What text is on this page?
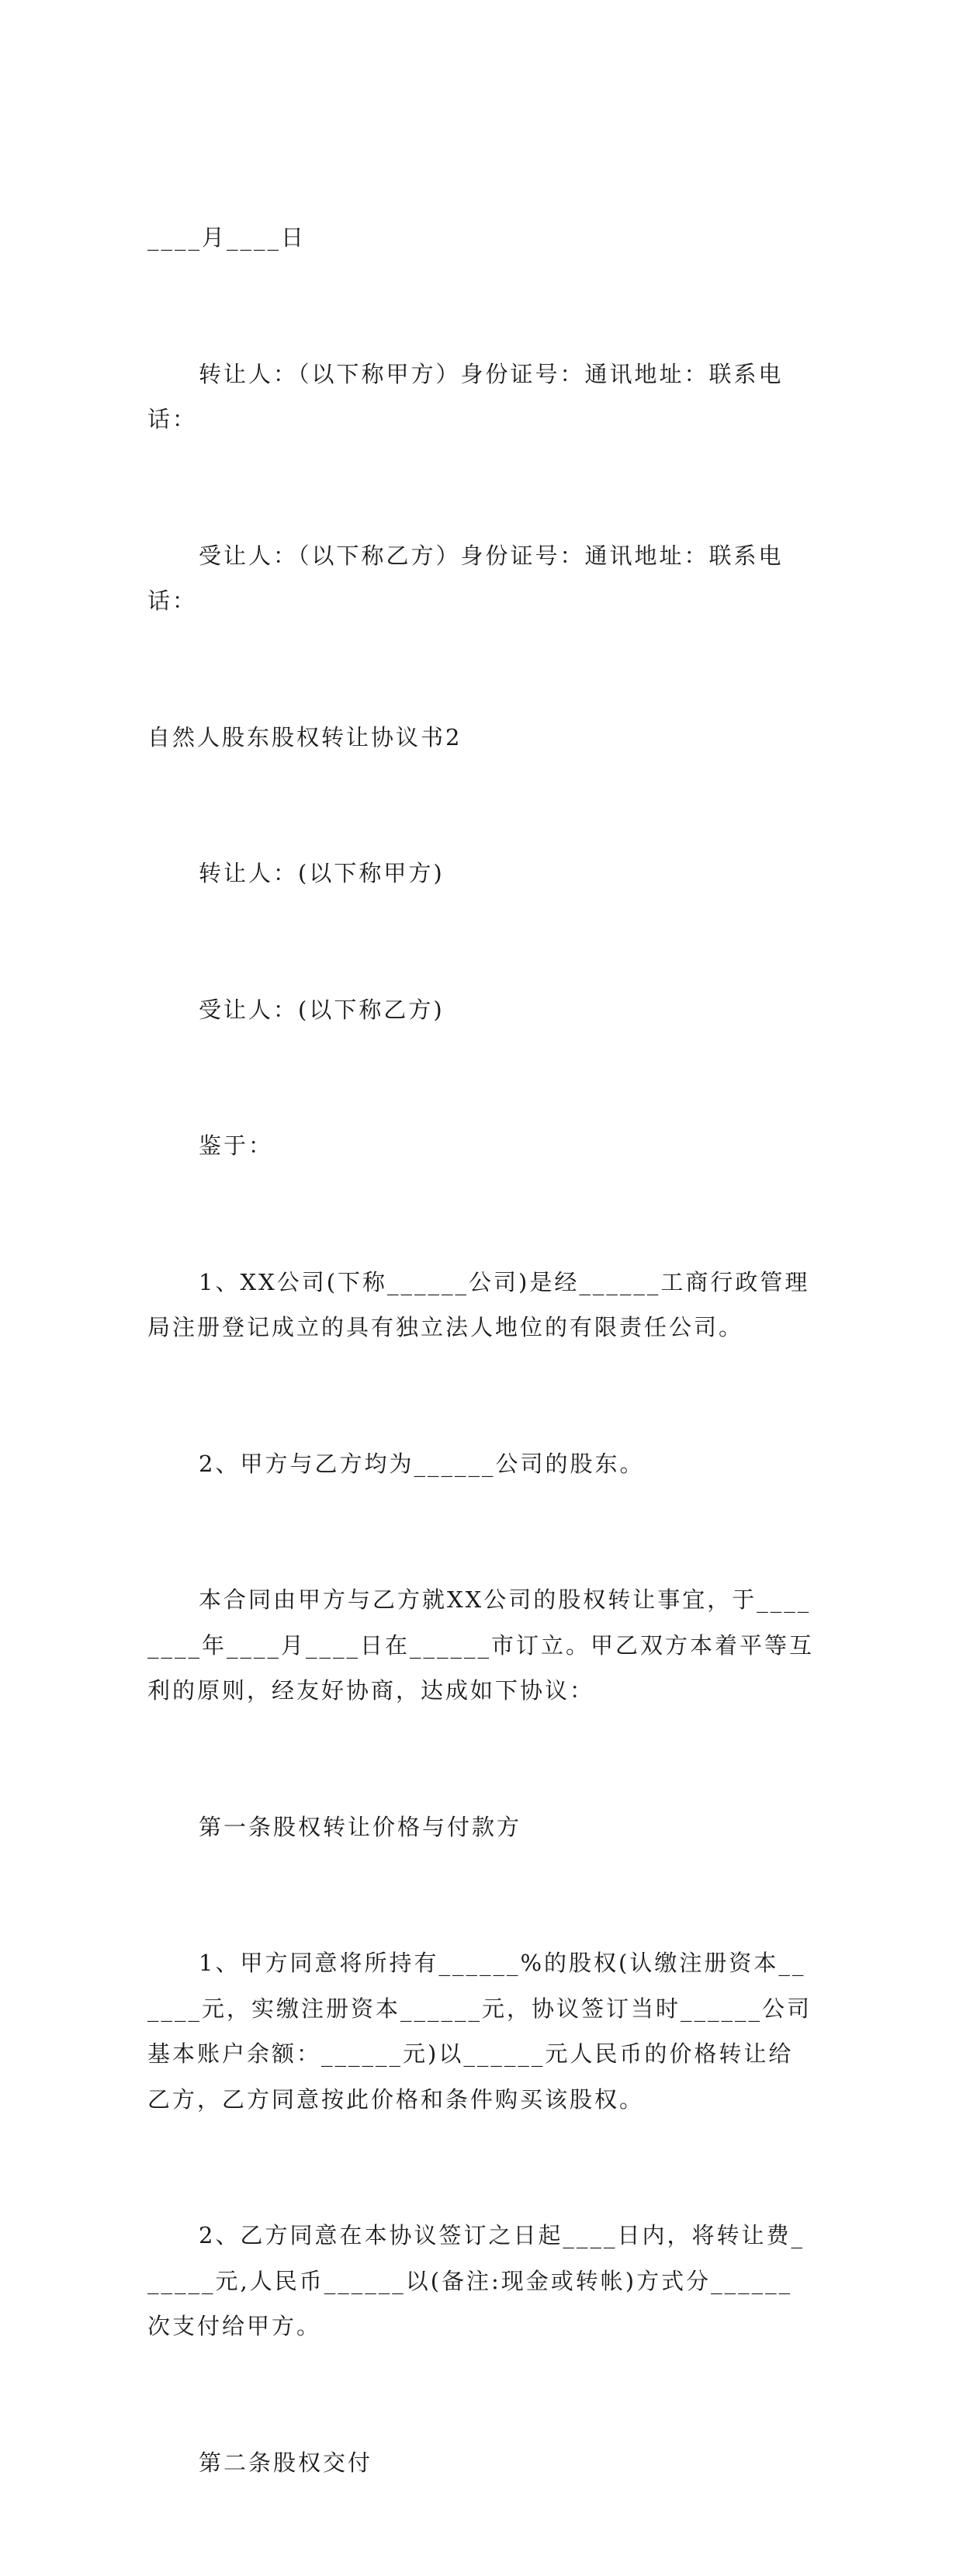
____月____日

转让人：（以下称甲方）身份证号：通讯地址：联系电话：

受让人：（以下称乙方）身份证号：通讯地址：联系电话：

自然人股东股权转让协议书2

转让人：(以下称甲方)

受让人：(以下称乙方)

鉴于：

1、XX公司(下称______公司)是经______工商行政管理局注册登记成立的具有独立法人地位的有限责任公司。

2、甲方与乙方均为______公司的股东。

本合同由甲方与乙方就XX公司的股权转让事宜，于________年____月____日在______市订立。甲乙双方本着平等互利的原则，经友好协商，达成如下协议：

第一条股权转让价格与付款方

1、甲方同意将所持有______%的股权(认缴注册资本______元，实缴注册资本______元，协议签订当时______公司基本账户余额：______元)以______元人民币的价格转让给乙方，乙方同意按此价格和条件购买该股权。

2、乙方同意在本协议签订之日起____日内，将转让费______元,人民币______以(备注:现金或转帐)方式分______次支付给甲方。

第二条股权交付
